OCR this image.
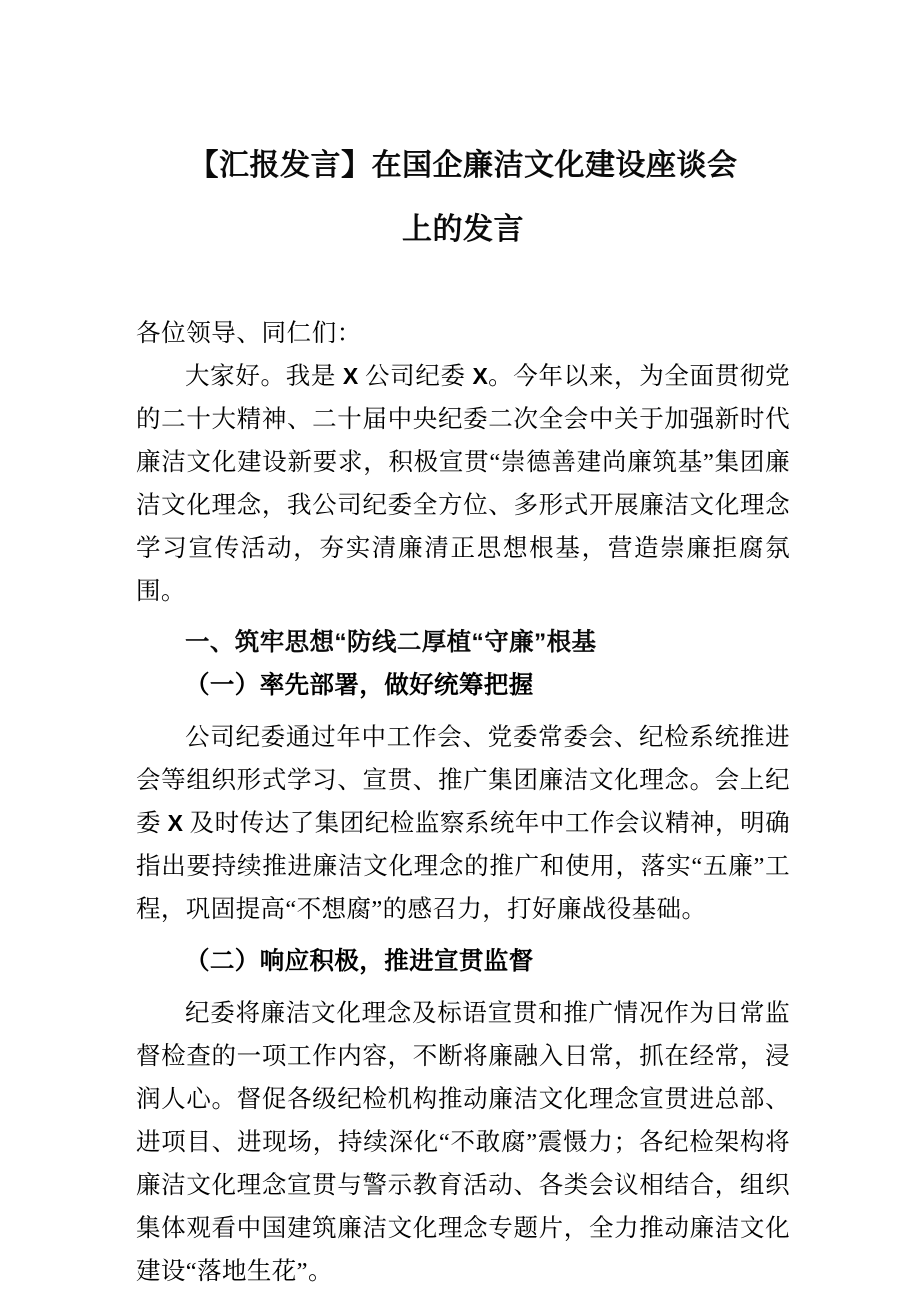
【汇报发言】在国企廉洁文化建设座谈会
上的发言

各位领导、同仁们：

大家好。我是 X 公司纪委 X。今年以来，为全面贯彻党的二十大精神、二十届中央纪委二次全会中关于加强新时代廉洁文化建设新要求，积极宣贯“崇德善建尚廉筑基”集团廉洁文化理念，我公司纪委全方位、多形式开展廉洁文化理念学习宣传活动，夯实清廉清正思想根基，营造崇廉拒腐氛围。

一、筑牢思想“防线二厚植“守廉”根基
（一）率先部署，做好统筹把握

公司纪委通过年中工作会、党委常委会、纪检系统推进会等组织形式学习、宣贯、推广集团廉洁文化理念。会上纪委 X 及时传达了集团纪检监察系统年中工作会议精神，明确指出要持续推进廉洁文化理念的推广和使用，落实“五廉”工程，巩固提高“不想腐”的感召力，打好廉战役基础。

（二）响应积极，推进宣贯监督

纪委将廉洁文化理念及标语宣贯和推广情况作为日常监督检查的一项工作内容，不断将廉融入日常，抓在经常，浸润人心。督促各级纪检机构推动廉洁文化理念宣贯进总部、进项目、进现场，持续深化“不敢腐”震慑力；各纪检架构将廉洁文化理念宣贯与警示教育活动、各类会议相结合，组织集体观看中国建筑廉洁文化理念专题片，全力推动廉洁文化建设“落地生花”。
